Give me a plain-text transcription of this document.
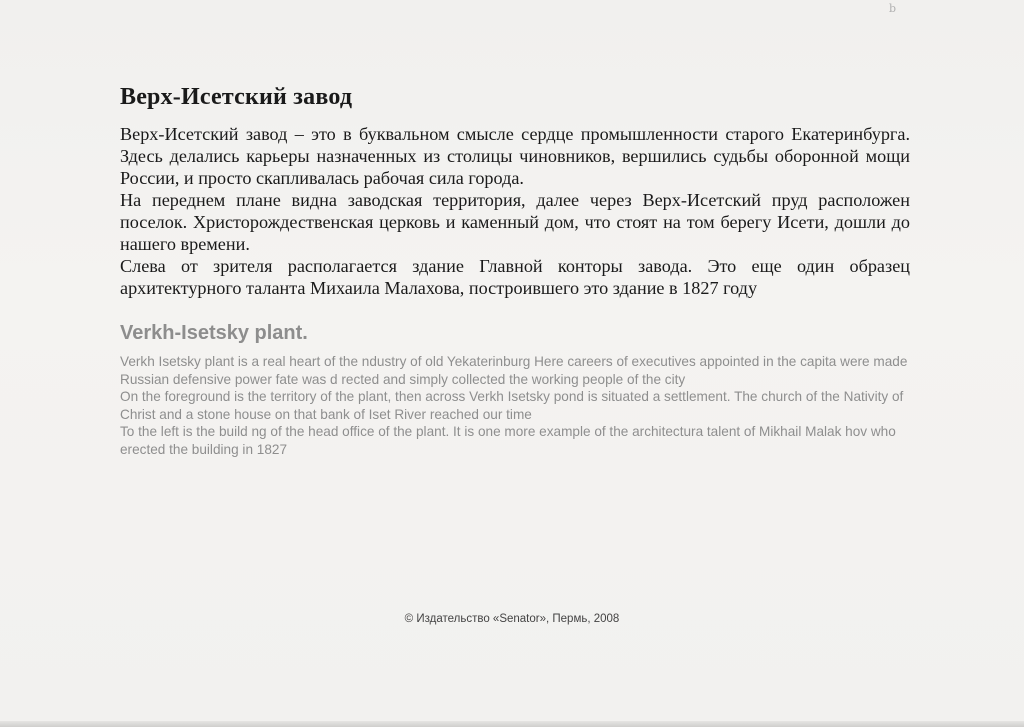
b
Верх-Исетский завод

Верх-Исетский завод – это в буквальном смысле сердце промышленности старого Екатеринбурга. Здесь делались карьеры назначенных из столицы чиновников, вершились судьбы оборонной мощи России, и просто скапливалась рабочая сила города.

На переднем плане видна заводская территория, далее через Верх-Исетский пруд расположен поселок. Христорождественская церковь и каменный дом, что стоят на том берегу Исети, дошли до нашего времени.

Слева от зрителя располагается здание Главной конторы завода. Это еще один образец архитектурного таланта Михаила Малахова, построившего это здание в 1827 году

Verkh-Isetsky plant.

Verkh Isetsky plant is a real heart of the ndustry of old Yekaterinburg Here careers of executives appointed in the capita were made Russian defensive power fate was d rected and simply collected the working people of the city

On the foreground is the territory of the plant, then across Verkh Isetsky pond is situated a settlement. The church of the Nativity of Christ and a stone house on that bank of Iset River reached our time

To the left is the build ng of the head office of the plant. It is one more example of the architectura talent of Mikhail Malak hov who erected the building in 1827

© Издательство «Senator», Пермь, 2008
